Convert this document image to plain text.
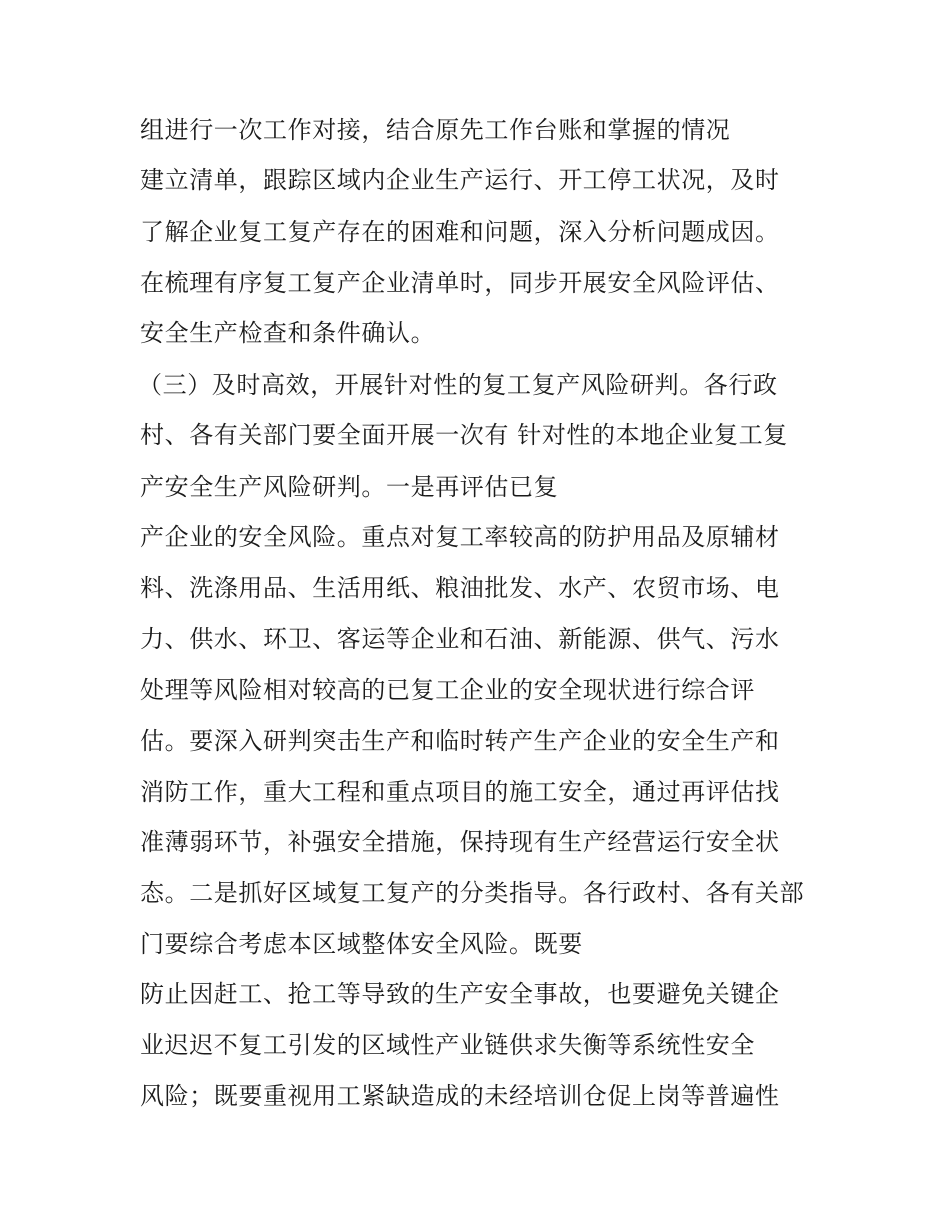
组进行一次工作对接，结合原先工作台账和掌握的情况
建立清单，跟踪区域内企业生产运行、开工停工状况，及时
了解企业复工复产存在的困难和问题，深入分析问题成因。
在梳理有序复工复产企业清单时，同步开展安全风险评估、
安全生产检查和条件确认。
（三）及时高效，开展针对性的复工复产风险研判。各行政
村、各有关部门要全面开展一次有 针对性的本地企业复工复
产安全生产风险研判。一是再评估已复
产企业的安全风险。重点对复工率较高的防护用品及原辅材
料、洗涤用品、生活用纸、粮油批发、水产、农贸市场、电
力、供水、环卫、客运等企业和石油、新能源、供气、污水
处理等风险相对较高的已复工企业的安全现状进行综合评
估。要深入研判突击生产和临时转产生产企业的安全生产和
消防工作，重大工程和重点项目的施工安全，通过再评估找
准薄弱环节，补强安全措施，保持现有生产经营运行安全状
态。二是抓好区域复工复产的分类指导。各行政村、各有关部
门要综合考虑本区域整体安全风险。既要
防止因赶工、抢工等导致的生产安全事故，也要避免关键企
业迟迟不复工引发的区域性产业链供求失衡等系统性安全
风险；既要重视用工紧缺造成的未经培训仓促上岗等普遍性
